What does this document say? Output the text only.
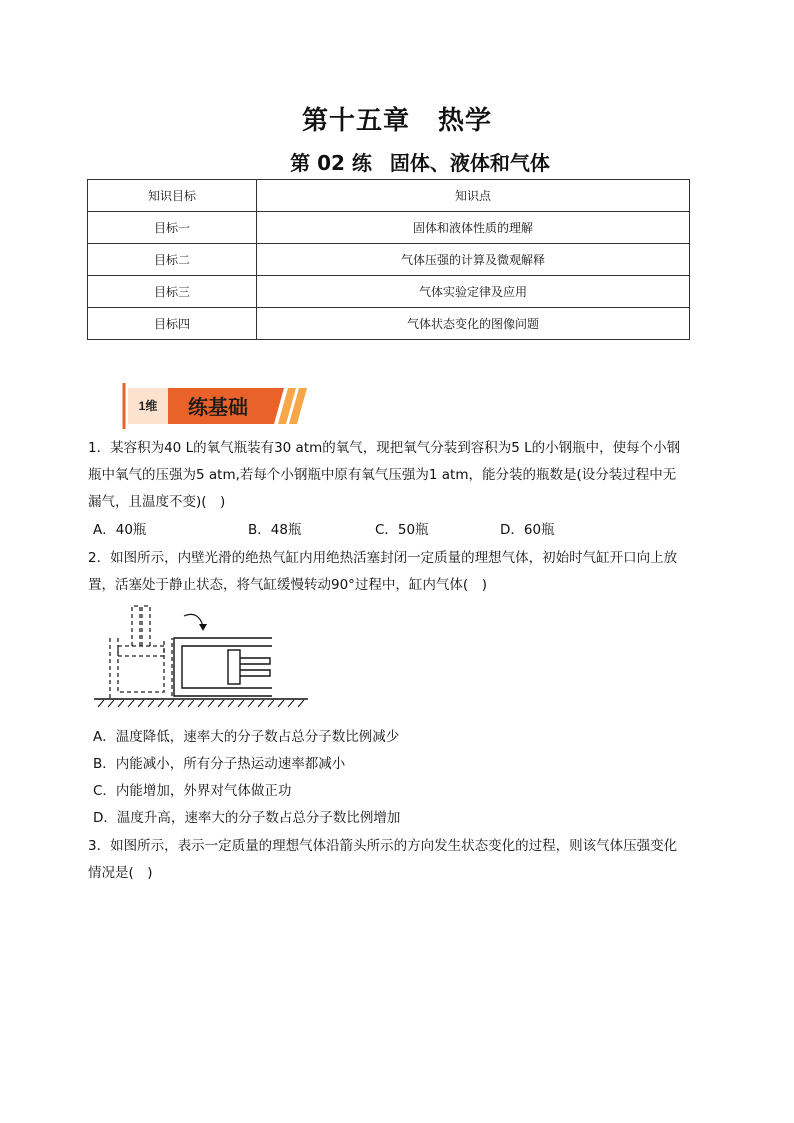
第十五章 热学
第 02 练 固体、液体和气体
知识目标	知识点
目标一	固体和液体性质的理解
目标二	气体压强的计算及微观解释
目标三	气体实验定律及应用
目标四	气体状态变化的图像问题
1维 练基础
1．某容积为40 L的氧气瓶装有30 atm的氧气，现把氧气分装到容积为5 L的小钢瓶中，使每个小钢
瓶中氧气的压强为5 atm,若每个小钢瓶中原有氧气压强为1 atm，能分装的瓶数是(设分装过程中无
漏气，且温度不变)(　)
A．40瓶	B．48瓶	C．50瓶	D．60瓶
2．如图所示，内壁光滑的绝热气缸内用绝热活塞封闭一定质量的理想气体，初始时气缸开口向上放
置，活塞处于静止状态，将气缸缓慢转动90°过程中，缸内气体(　)
A．温度降低，速率大的分子数占总分子数比例减少
B．内能减小，所有分子热运动速率都减小
C．内能增加，外界对气体做正功
D．温度升高，速率大的分子数占总分子数比例增加
3．如图所示，表示一定质量的理想气体沿箭头所示的方向发生状态变化的过程，则该气体压强变化
情况是(　)
